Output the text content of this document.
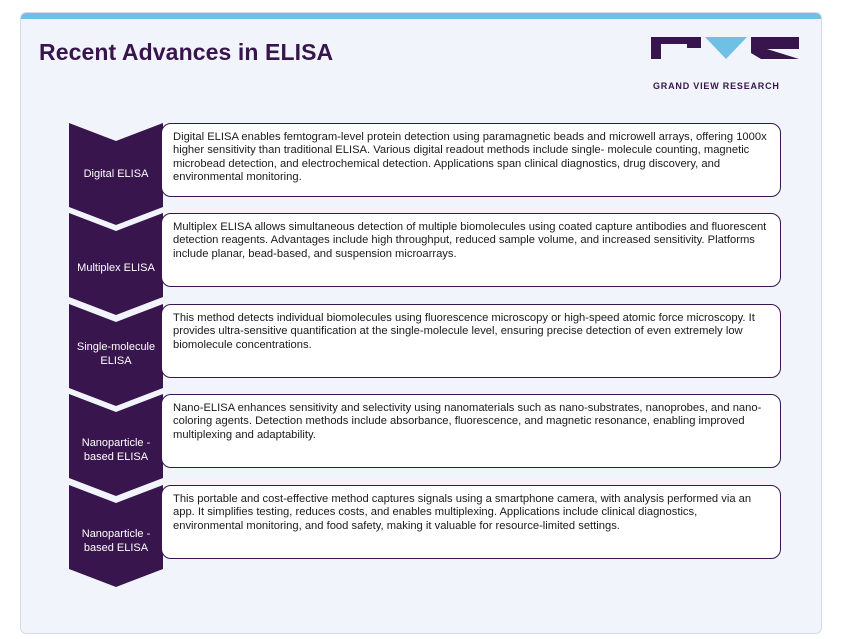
Recent Advances in ELISA
GRAND VIEW RESEARCH
Digital ELISA
Digital ELISA enables femtogram-level protein detection using paramagnetic beads and microwell arrays, offering 1000x higher sensitivity than traditional ELISA. Various digital readout methods include single- molecule counting, magnetic microbead detection, and electrochemical detection. Applications span clinical diagnostics, drug discovery, and environmental monitoring.
Multiplex ELISA
Multiplex ELISA allows simultaneous detection of multiple biomolecules using coated capture antibodies and fluorescent detection reagents. Advantages include high throughput, reduced sample volume, and increased sensitivity. Platforms include planar, bead-based, and suspension microarrays.
Single-molecule ELISA
This method detects individual biomolecules using fluorescence microscopy or high-speed atomic force microscopy. It provides ultra-sensitive quantification at the single-molecule level, ensuring precise detection of even extremely low biomolecule concentrations.
Nanoparticle -based ELISA
Nano-ELISA enhances sensitivity and selectivity using nanomaterials such as nano-substrates, nanoprobes, and nano-coloring agents. Detection methods include absorbance, fluorescence, and magnetic resonance, enabling improved multiplexing and adaptability.
Nanoparticle -based ELISA
This portable and cost-effective method captures signals using a smartphone camera, with analysis performed via an app. It simplifies testing, reduces costs, and enables multiplexing. Applications include clinical diagnostics, environmental monitoring, and food safety, making it valuable for resource-limited settings.
